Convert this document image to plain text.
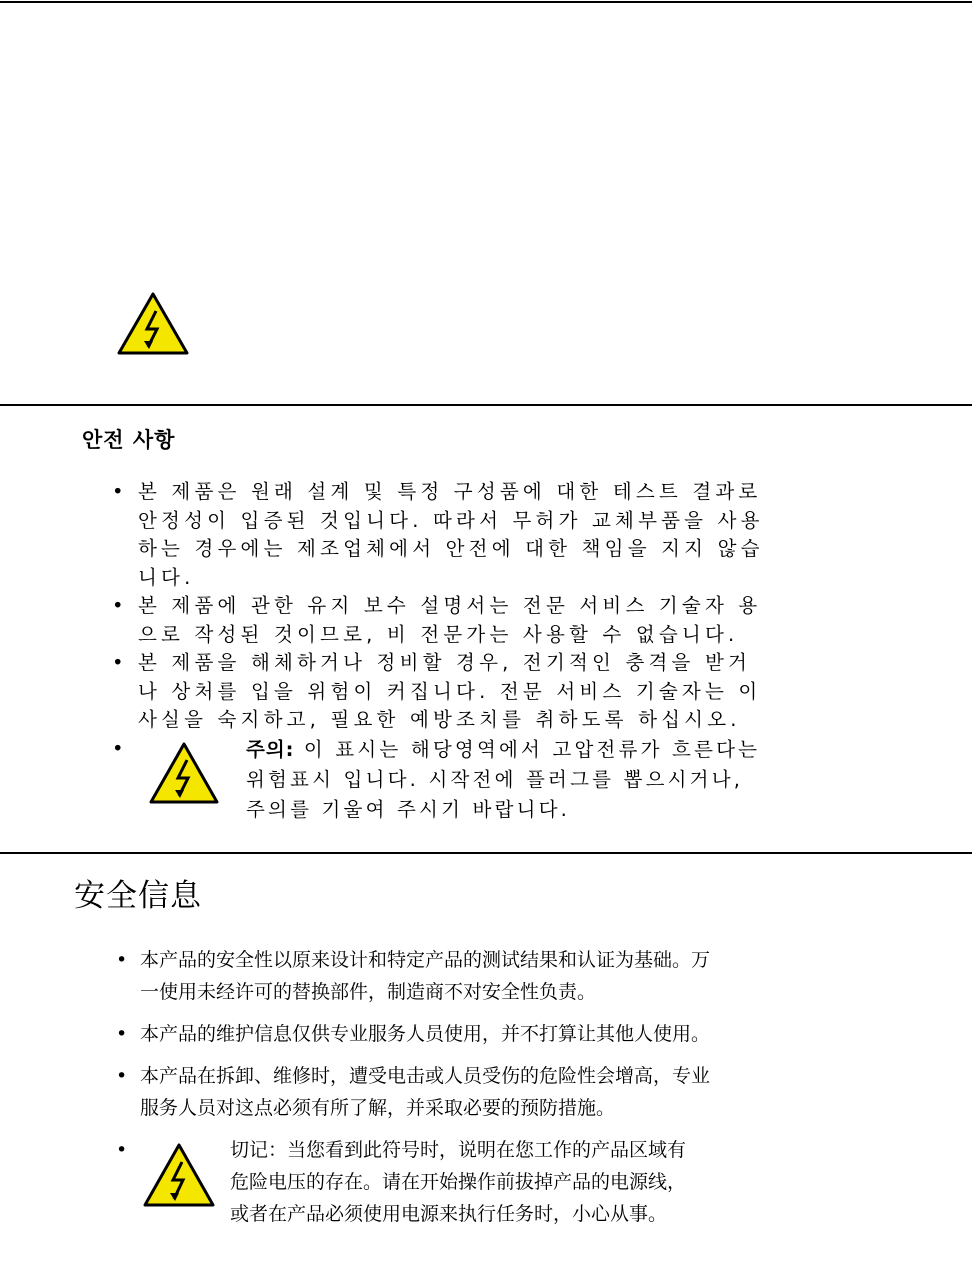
안전 사항
• 본 제품은 원래 설계 및 특정 구성품에 대한 테스트 결과로 안정성이 입증된 것입니다. 따라서 무허가 교체부품을 사용하는 경우에는 제조업체에서 안전에 대한 책임을 지지 않습니다.
• 본 제품에 관한 유지 보수 설명서는 전문 서비스 기술자 용으로 작성된 것이므로, 비 전문가는 사용할 수 없습니다.
• 본 제품을 해체하거나 정비할 경우, 전기적인 충격을 받거나 상처를 입을 위험이 커집니다. 전문 서비스 기술자는 이 사실을 숙지하고, 필요한 예방조치를 취하도록 하십시오.
•	주의: 이 표시는 해당영역에서 고압전류가 흐른다는 위험표시 입니다. 시작전에 플러그를 뽑으시거나, 주의를 기울여 주시기 바랍니다.
安全信息
• 本产品的安全性以原来设计和特定产品的测试结果和认证为基础。万一使用未经许可的替换部件，制造商不对安全性负责。
• 本产品的维护信息仅供专业服务人员使用，并不打算让其他人使用。
• 本产品在拆卸、维修时，遭受电击或人员受伤的危险性会增高，专业服务人员对这点必须有所了解，并采取必要的预防措施。
•	切记：当您看到此符号时，说明在您工作的产品区域有危险电压的存在。请在开始操作前拔掉产品的电源线，或者在产品必须使用电源来执行任务时，小心从事。
